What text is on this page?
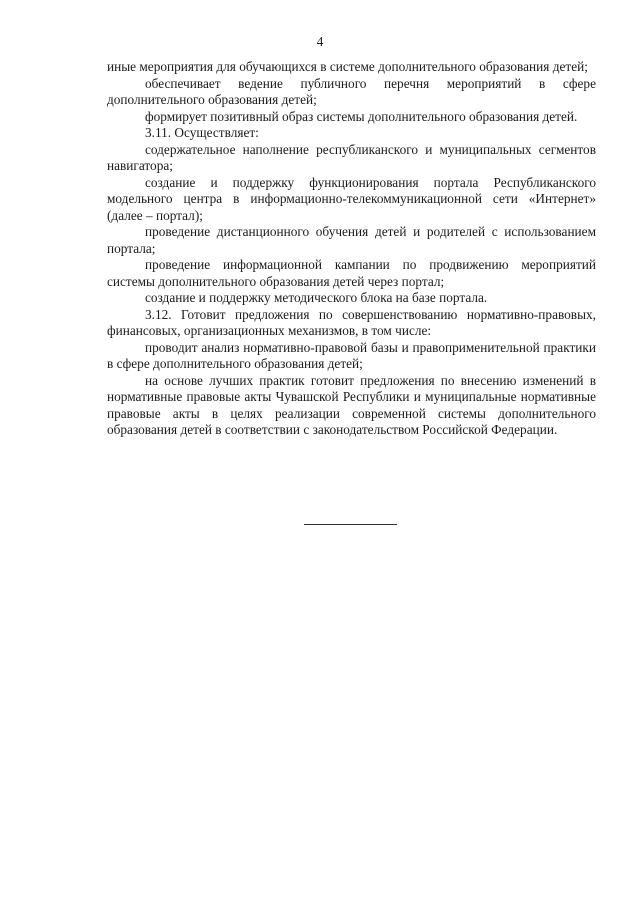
4

иные мероприятия для обучающихся в системе дополнительного образования детей;

обеспечивает ведение публичного перечня мероприятий в сфере дополнительного образования детей;

формирует позитивный образ системы дополнительного образования детей.

3.11. Осуществляет:

содержательное наполнение республиканского и муниципальных сегментов навигатора;

создание и поддержку функционирования портала Республиканского модельного центра в информационно-телекоммуникационной сети «Интернет» (далее – портал);

проведение дистанционного обучения детей и родителей с использованием портала;

проведение информационной кампании по продвижению мероприятий системы дополнительного образования детей через портал;

создание и поддержку методического блока на базе портала.

3.12. Готовит предложения по совершенствованию нормативно-правовых, финансовых, организационных механизмов, в том числе:

проводит анализ нормативно-правовой базы и правоприменительной практики в сфере дополнительного образования детей;

на основе лучших практик готовит предложения по внесению изменений в нормативные правовые акты Чувашской Республики и муниципальные нормативные правовые акты в целях реализации современной системы дополнительного образования детей в соответствии с законодательством Российской Федерации.
